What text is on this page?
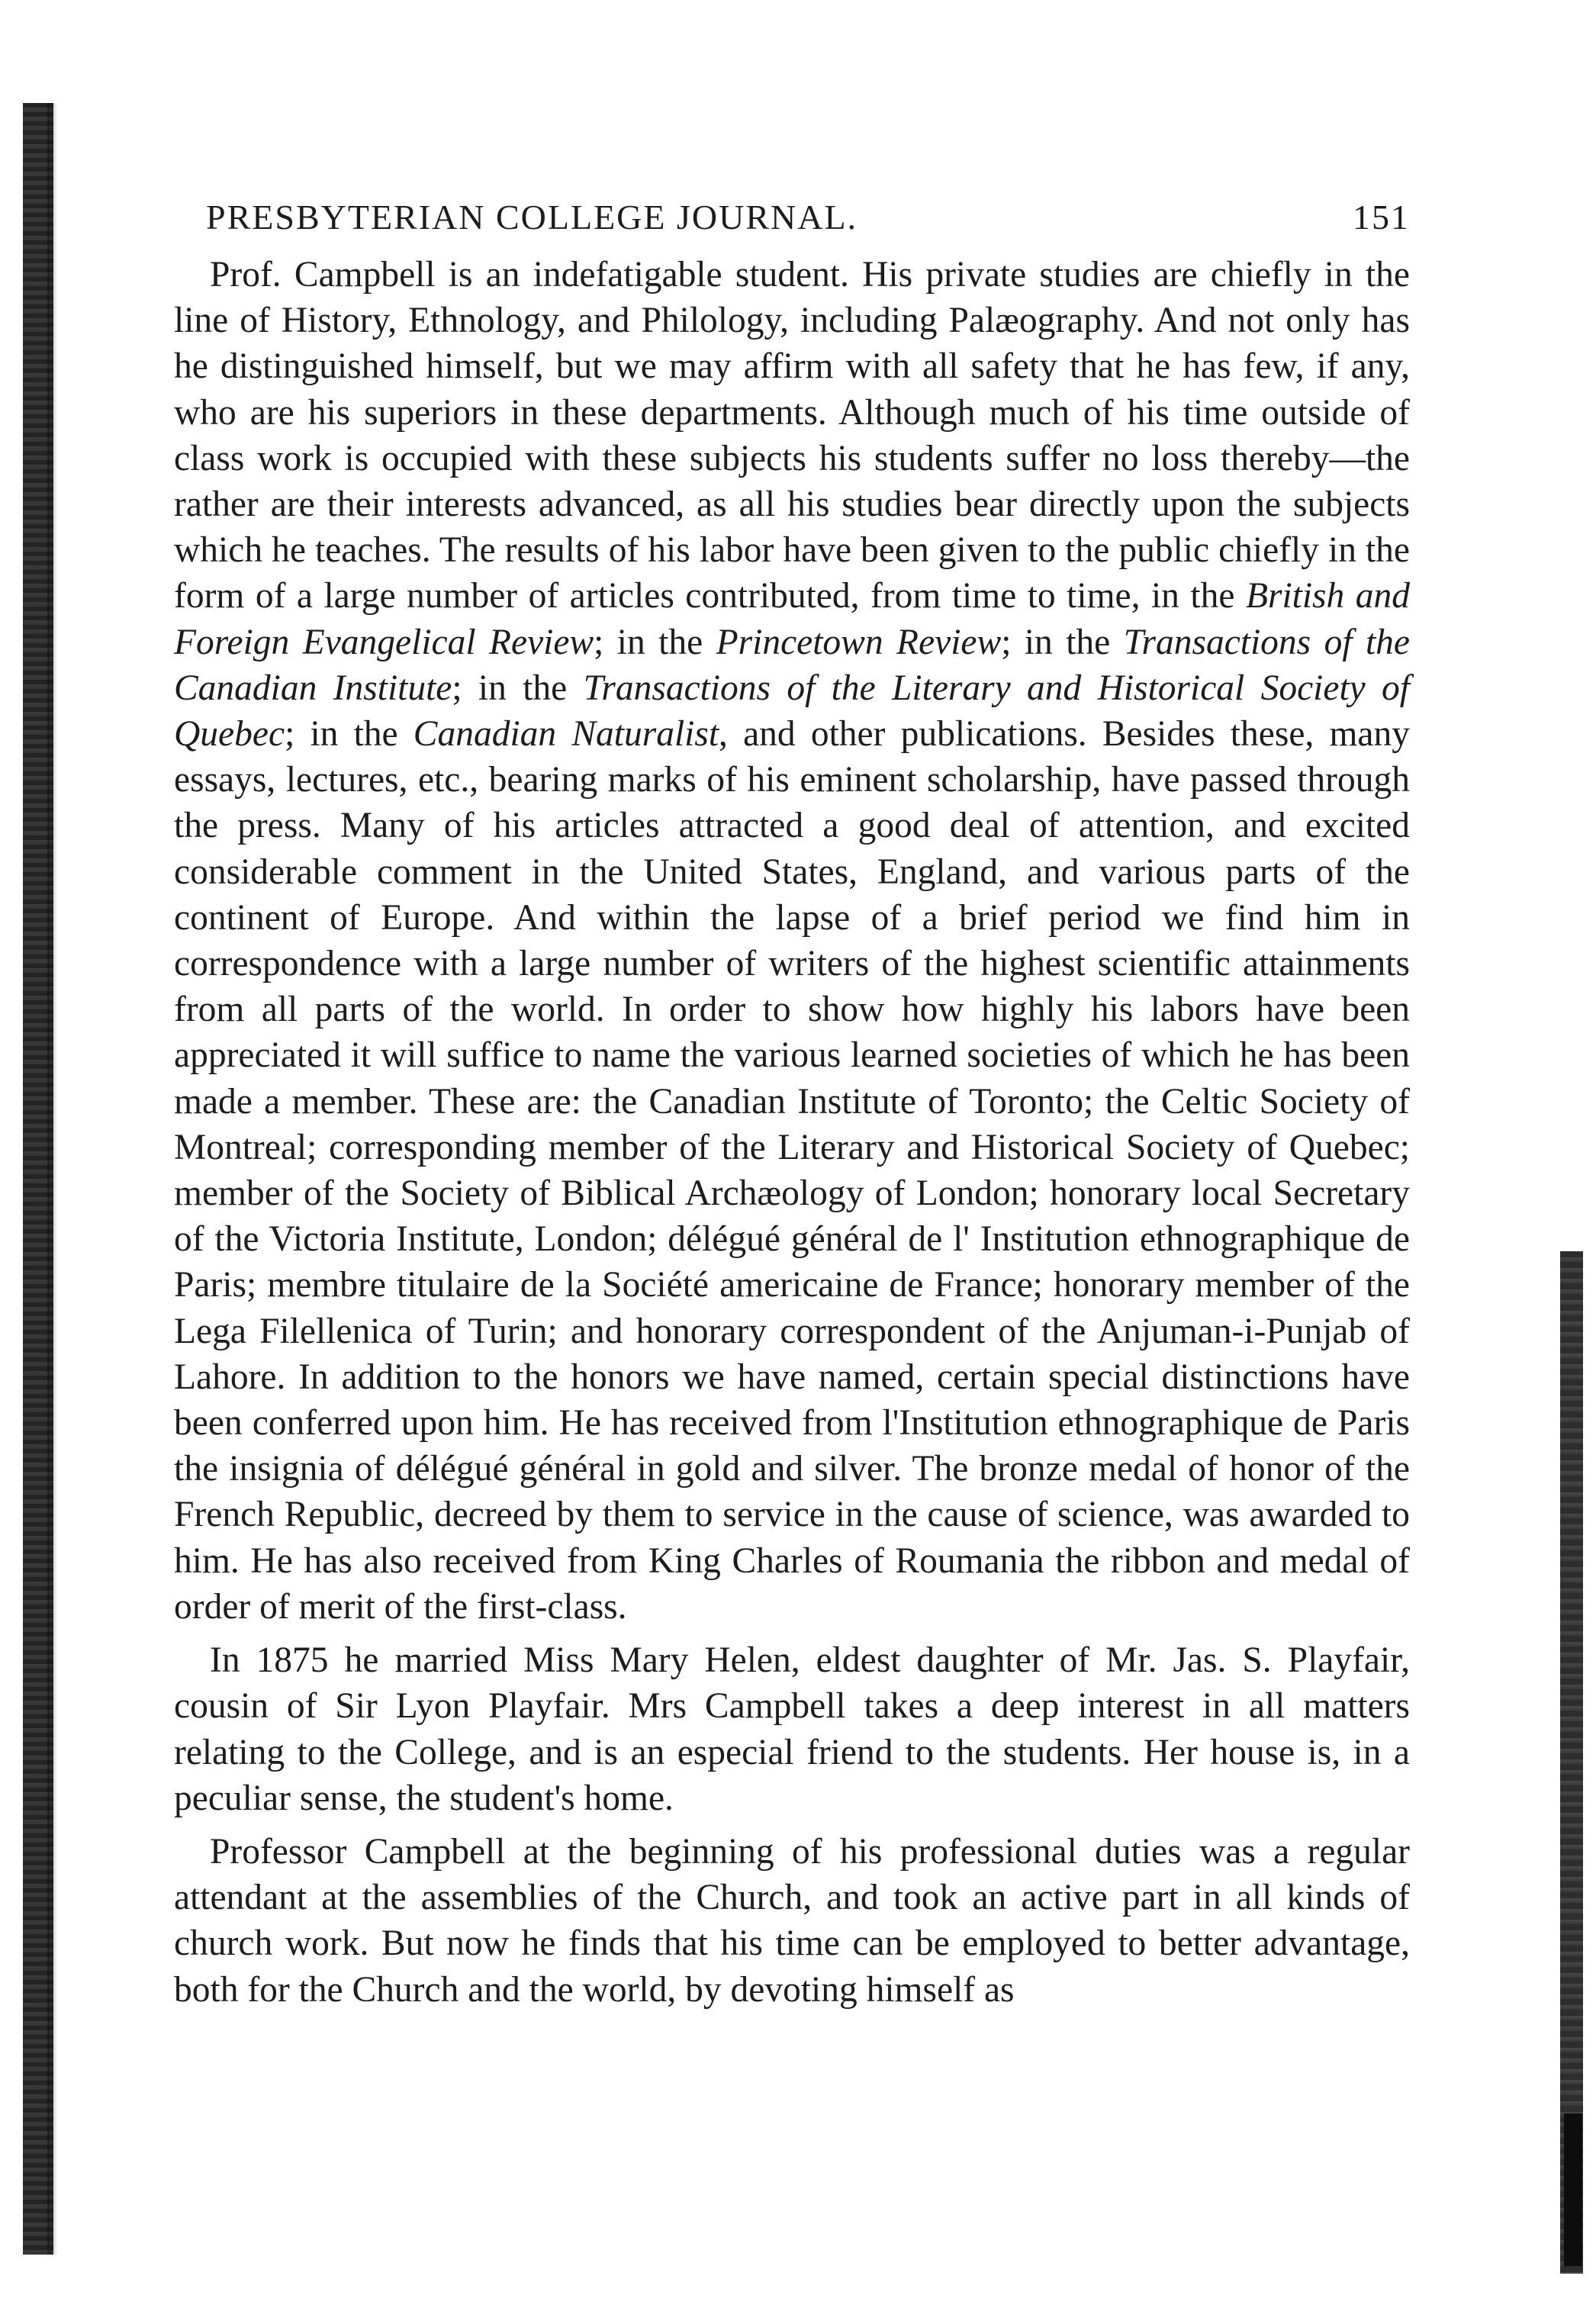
PRESBYTERIAN COLLEGE JOURNAL.	151

Prof. Campbell is an indefatigable student. His private studies are chiefly in the line of History, Ethnology, and Philology, including Palæography. And not only has he distinguished himself, but we may affirm with all safety that he has few, if any, who are his superiors in these departments. Although much of his time outside of class work is occupied with these subjects his students suffer no loss thereby—the rather are their interests advanced, as all his studies bear directly upon the subjects which he teaches. The results of his labor have been given to the public chiefly in the form of a large number of articles contributed, from time to time, in the British and Foreign Evangelical Review; in the Princetown Review; in the Transactions of the Canadian Institute; in the Transactions of the Literary and Historical Society of Quebec; in the Canadian Naturalist, and other publications. Besides these, many essays, lectures, etc., bearing marks of his eminent scholarship, have passed through the press. Many of his articles attracted a good deal of attention, and excited considerable comment in the United States, England, and various parts of the continent of Europe. And within the lapse of a brief period we find him in correspondence with a large number of writers of the highest scientific attainments from all parts of the world. In order to show how highly his labors have been appreciated it will suffice to name the various learned societies of which he has been made a member. These are: the Canadian Institute of Toronto; the Celtic Society of Montreal; corresponding member of the Literary and Historical Society of Quebec; member of the Society of Biblical Archæology of London; honorary local Secretary of the Victoria Institute, London; délégué général de l' Institution ethnographique de Paris; membre titulaire de la Société americaine de France; honorary member of the Lega Filellenica of Turin; and honorary correspondent of the Anjuman-i-Punjab of Lahore. In addition to the honors we have named, certain special distinctions have been conferred upon him. He has received from l'Institution ethnographique de Paris the insignia of délégué général in gold and silver. The bronze medal of honor of the French Republic, decreed by them to service in the cause of science, was awarded to him. He has also received from King Charles of Roumania the ribbon and medal of order of merit of the first-class.

In 1875 he married Miss Mary Helen, eldest daughter of Mr. Jas. S. Playfair, cousin of Sir Lyon Playfair. Mrs Campbell takes a deep interest in all matters relating to the College, and is an especial friend to the students. Her house is, in a peculiar sense, the student's home.

Professor Campbell at the beginning of his professional duties was a regular attendant at the assemblies of the Church, and took an active part in all kinds of church work. But now he finds that his time can be employed to better advantage, both for the Church and the world, by devoting himself as
